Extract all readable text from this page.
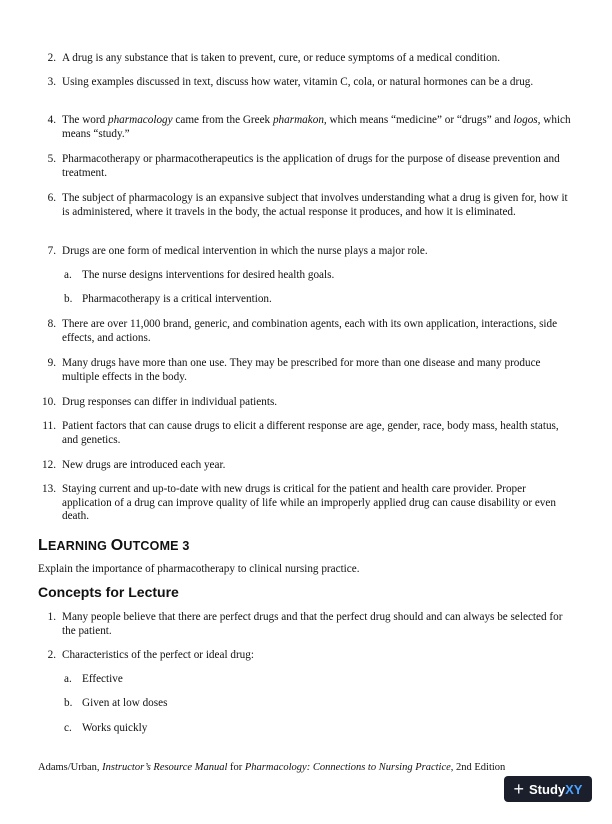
2. A drug is any substance that is taken to prevent, cure, or reduce symptoms of a medical condition.
3. Using examples discussed in text, discuss how water, vitamin C, cola, or natural hormones can be a drug.
4. The word pharmacology came from the Greek pharmakon, which means “medicine” or “drugs” and logos, which means “study.”
5. Pharmacotherapy or pharmacotherapeutics is the application of drugs for the purpose of disease prevention and treatment.
6. The subject of pharmacology is an expansive subject that involves understanding what a drug is given for, how it is administered, where it travels in the body, the actual response it produces, and how it is eliminated.
7. Drugs are one form of medical intervention in which the nurse plays a major role.
a. The nurse designs interventions for desired health goals.
b. Pharmacotherapy is a critical intervention.
8. There are over 11,000 brand, generic, and combination agents, each with its own application, interactions, side effects, and actions.
9. Many drugs have more than one use. They may be prescribed for more than one disease and many produce multiple effects in the body.
10. Drug responses can differ in individual patients.
11. Patient factors that can cause drugs to elicit a different response are age, gender, race, body mass, health status, and genetics.
12. New drugs are introduced each year.
13. Staying current and up-to-date with new drugs is critical for the patient and health care provider. Proper application of a drug can improve quality of life while an improperly applied drug can cause disability or even death.
LEARNING OUTCOME 3
Explain the importance of pharmacotherapy to clinical nursing practice.
Concepts for Lecture
1. Many people believe that there are perfect drugs and that the perfect drug should and can always be selected for the patient.
2. Characteristics of the perfect or ideal drug:
a. Effective
b. Given at low doses
c. Works quickly
Adams/Urban, Instructor’s Resource Manual for Pharmacology: Connections to Nursing Practice, 2nd Edition
+ StudyXY
